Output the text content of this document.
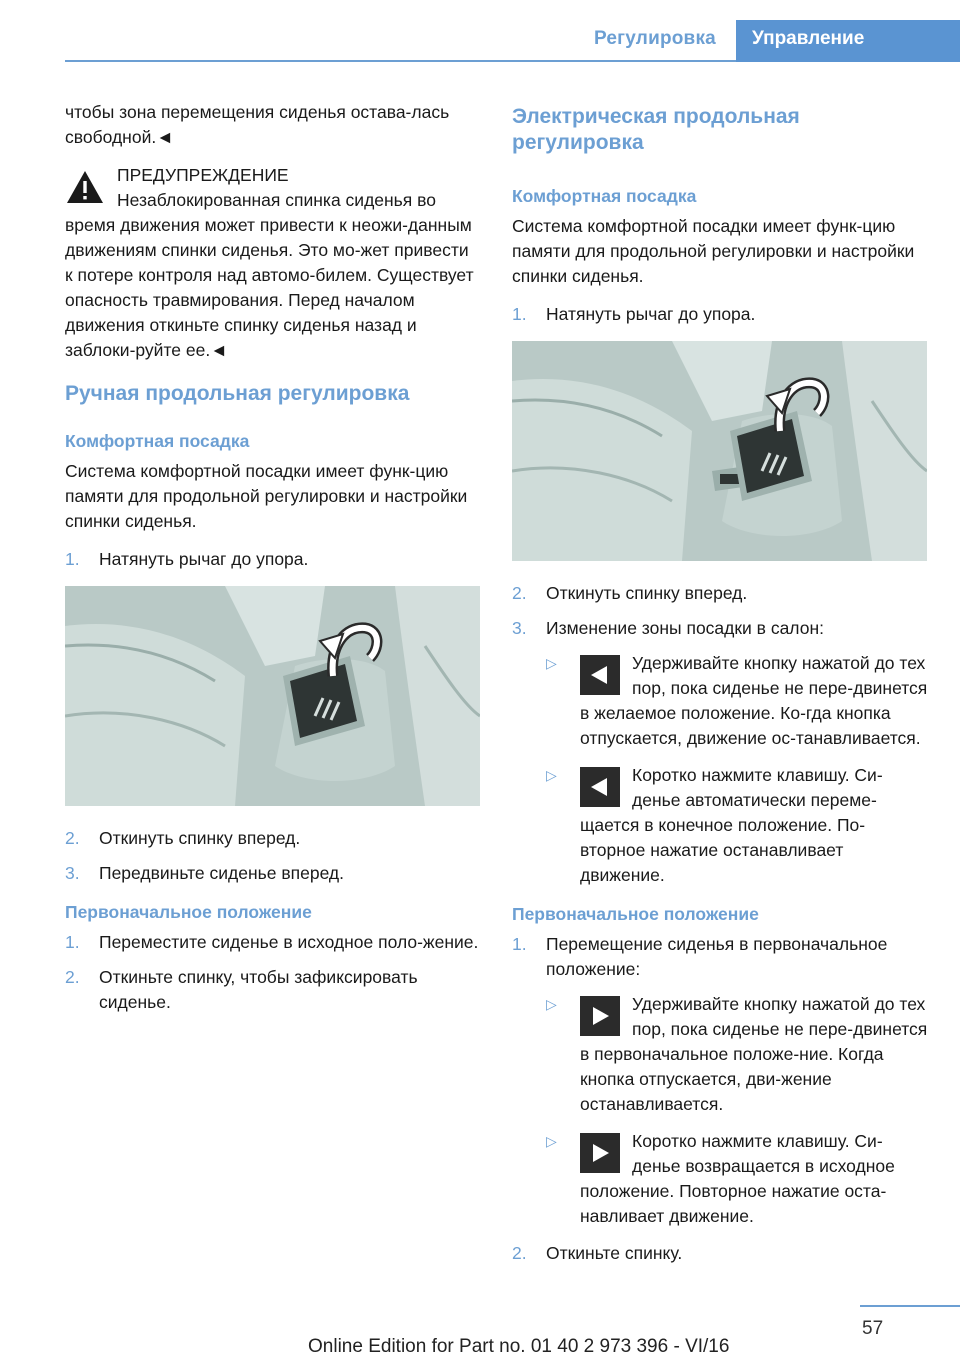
Регулировка	Управление

чтобы зона перемещения сиденья остава-лась свободной.◄

ПРЕДУПРЕЖДЕНИЕ

Незаблокированная спинка сиденья во время движения может привести к неожи-данным движениям спинки сиденья. Это мо-жет привести к потере контроля над автомо-билем. Существует опасность травмирования. Перед началом движения откиньте спинку сиденья назад и заблоки-руйте ее.◄

Ручная продольная регулировка
Комфортная посадка

Система комфортной посадки имеет функ-цию памяти для продольной регулировки и настройки спинки сиденья.

1. Натянуть рычаг до упора.
2. Откинуть спинку вперед.
3. Передвиньте сиденье вперед.
Первоначальное положение
1. Переместите сиденье в исходное поло-жение.
2. Откиньте спинку, чтобы зафиксировать сиденье.
Электрическая продольная регулировка
Комфортная посадка

Система комфортной посадки имеет функ-цию памяти для продольной регулировки и настройки спинки сиденья.

1. Натянуть рычаг до упора.
2. Откинуть спинку вперед.
3. Изменение зоны посадки в салон:
▷	Удерживайте кнопку нажатой до тех пор, пока сиденье не пере-двинется в желаемое положение. Ко-гда кнопка отпускается, движение ос-танавливается.
▷	Коротко нажмите клавишу. Си-денье автоматически переме-щается в конечное положение. По-вторное нажатие останавливает движение.
Первоначальное положение
1. Перемещение сиденья в первоначальное положение:
▷	Удерживайте кнопку нажатой до тех пор, пока сиденье не пере-двинется в первоначальное положе-ние. Когда кнопка отпускается, дви-жение останавливается.
▷	Коротко нажмите клавишу. Си-денье возвращается в исходное положение. Повторное нажатие оста-навливает движение.
2. Откиньте спинку.
57
Online Edition for Part no. 01 40 2 973 396 - VI/16
